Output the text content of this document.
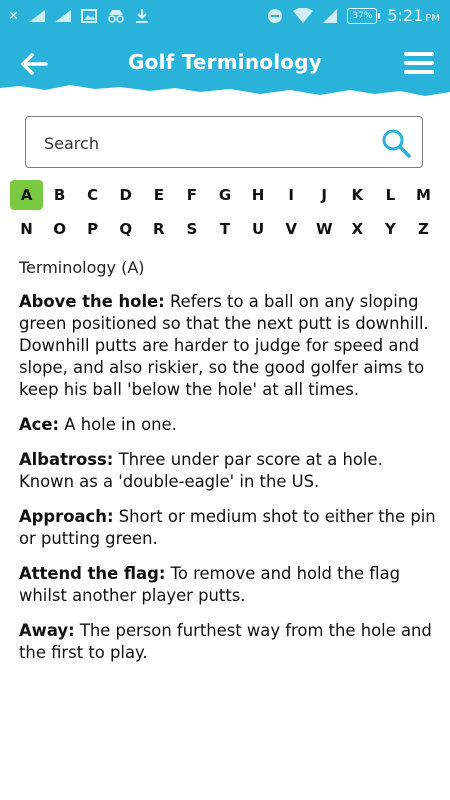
✕	37% 5:21 PM
Golf Terminology
Search
A	B	C	D	E	F	G	H	I	J	K	L	M
N	O	P	Q	R	S	T	U	V	W	X	Y	Z
Terminology (A)

Above the hole: Refers to a ball on any sloping green positioned so that the next putt is downhill. Downhill putts are harder to judge for speed and slope, and also riskier, so the good golfer aims to keep his ball 'below the hole' at all times.

Ace: A hole in one.

Albatross: Three under par score at a hole. Known as a 'double-eagle' in the US.

Approach: Short or medium shot to either the pin or putting green.

Attend the flag: To remove and hold the flag whilst another player putts.

Away: The person furthest way from the hole and the first to play.
